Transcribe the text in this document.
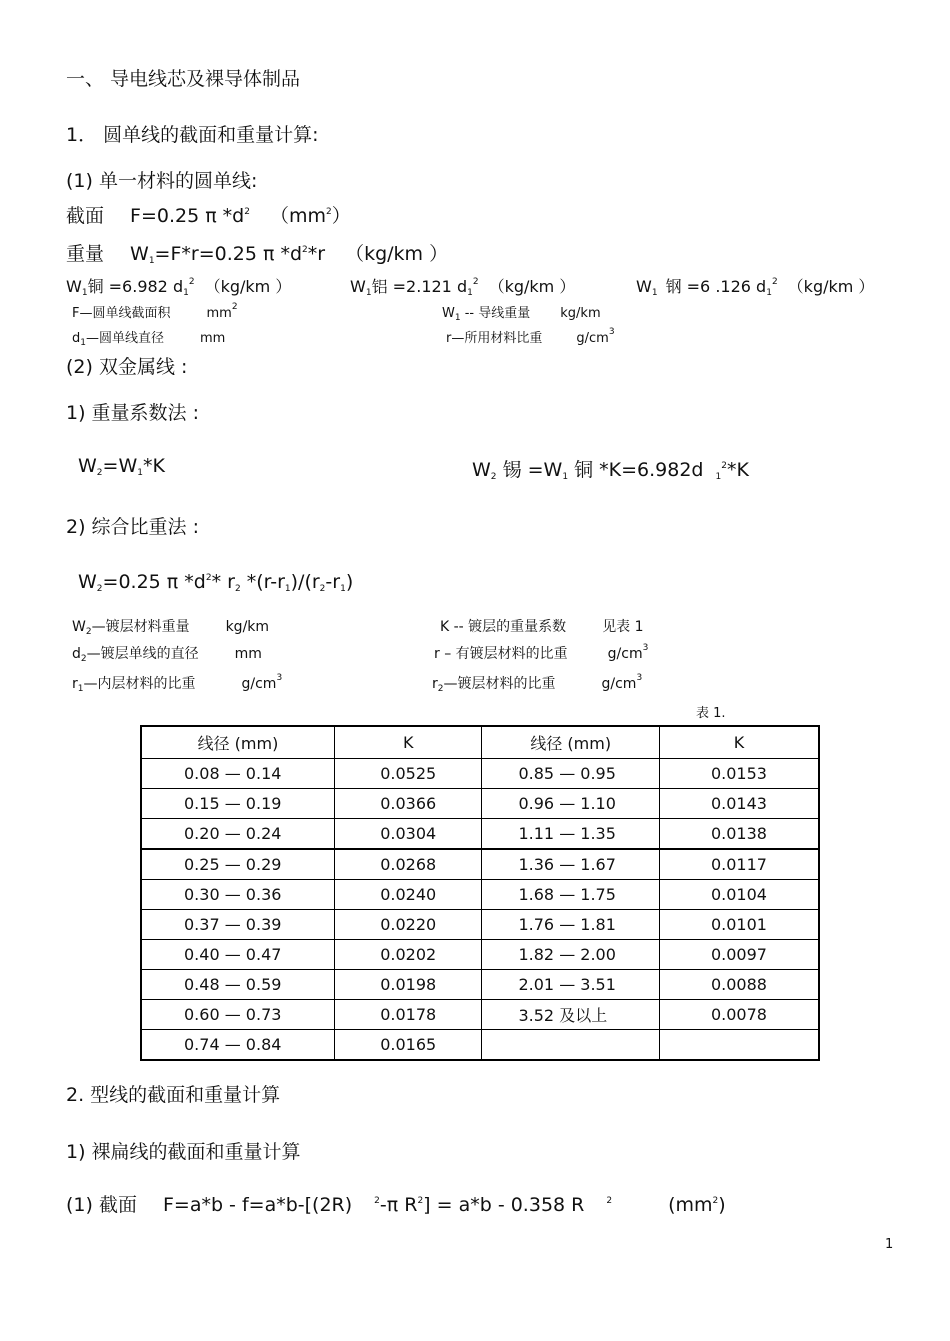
一、 导电线芯及裸导体制品
1． 圆单线的截面和重量计算:
(1) 单一材料的圆单线:
截面 F=0.25 π $*d^2$ $(mm^2)$
重量 $W_1=F*r=0.25$ π $*d^2*r$ （kg/km ）
$W_1$铜 =6.982 $d_1^2$ （kg/km ）	$W_1$铝 =2.121 $d_1^2$ （kg/km ）	$W_1$ 钢 =6 .126 $d_1^2$ （kg/km ）
F—圆单线截面积	$mm^2$	$W_1$ -- 导线重量 kg/km
$d_1—$圆单线直径	mm	r—所用材料比重	$g/cm^3$
(2) 双金属线 :
1) 重量系数法 :
$W_2=W_1*K$	$W_2$ 锡 $=W_1$ 铜 *K=6.982d $_1^2$*K
2) 综合比重法 :
$W_2=0.25$ π $*d^2*$ $r_2$ $*(r-r_1)/(r_2-r_1)$
$W_2—$镀层材料重量	kg/km	K -- 镀层的重量系数	见表 1
$d_2—$镀层单线的直径	mm	r – 有镀层材料的比重	$g/cm^3$
$r_1—$内层材料的比重	$g/cm^3$	$r_2—$镀层材料的比重	$g/cm^3$
表 1.
线径 (mm)	K	线径 (mm)	K
0.08 — 0.14	0.0525	0.85 — 0.95	0.0153
0.15 — 0.19	0.0366	0.96 — 1.10	0.0143
0.20 — 0.24	0.0304	1.11 — 1.35	0.0138
0.25 — 0.29	0.0268	1.36 — 1.67	0.0117
0.30 — 0.36	0.0240	1.68 — 1.75	0.0104
0.37 — 0.39	0.0220	1.76 — 1.81	0.0101
0.40 — 0.47	0.0202	1.82 — 2.00	0.0097
0.48 — 0.59	0.0198	2.01 — 3.51	0.0088
0.60 — 0.73	0.0178	3.52 及以上	0.0078
0.74 — 0.84	0.0165		
2. 型线的截面和重量计算
1) 裸扁线的截面和重量计算
(1) 截面 F=a*b - f=a*b-[(2R) $^2$-π $R^2] = a*b - 0.358$ R $^2$	$(mm^2)$
1
